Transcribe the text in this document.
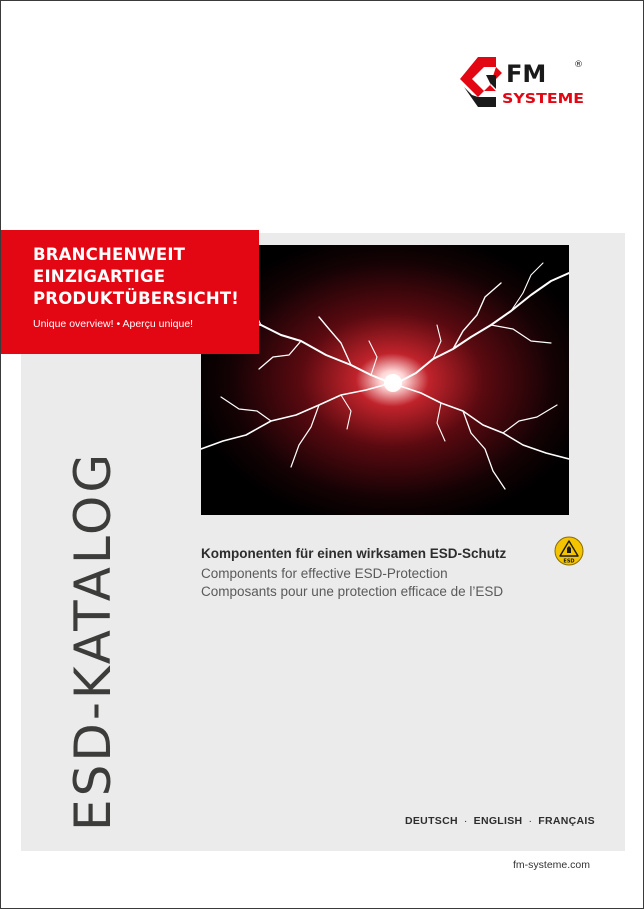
FM	®
SYSTEME
BRANCHENWEIT
EINZIGARTIGE
PRODUKTÜBERSICHT!
Unique overview! • Aperçu unique!
ESD-KATALOG	Komponenten für einen wirksamen ESD-Schutz
Components for effective ESD-Protection
Composants pour une protection efficace de l’ESD
ESD
DEUTSCH · ENGLISH · FRANÇAIS
fm-systeme.com
